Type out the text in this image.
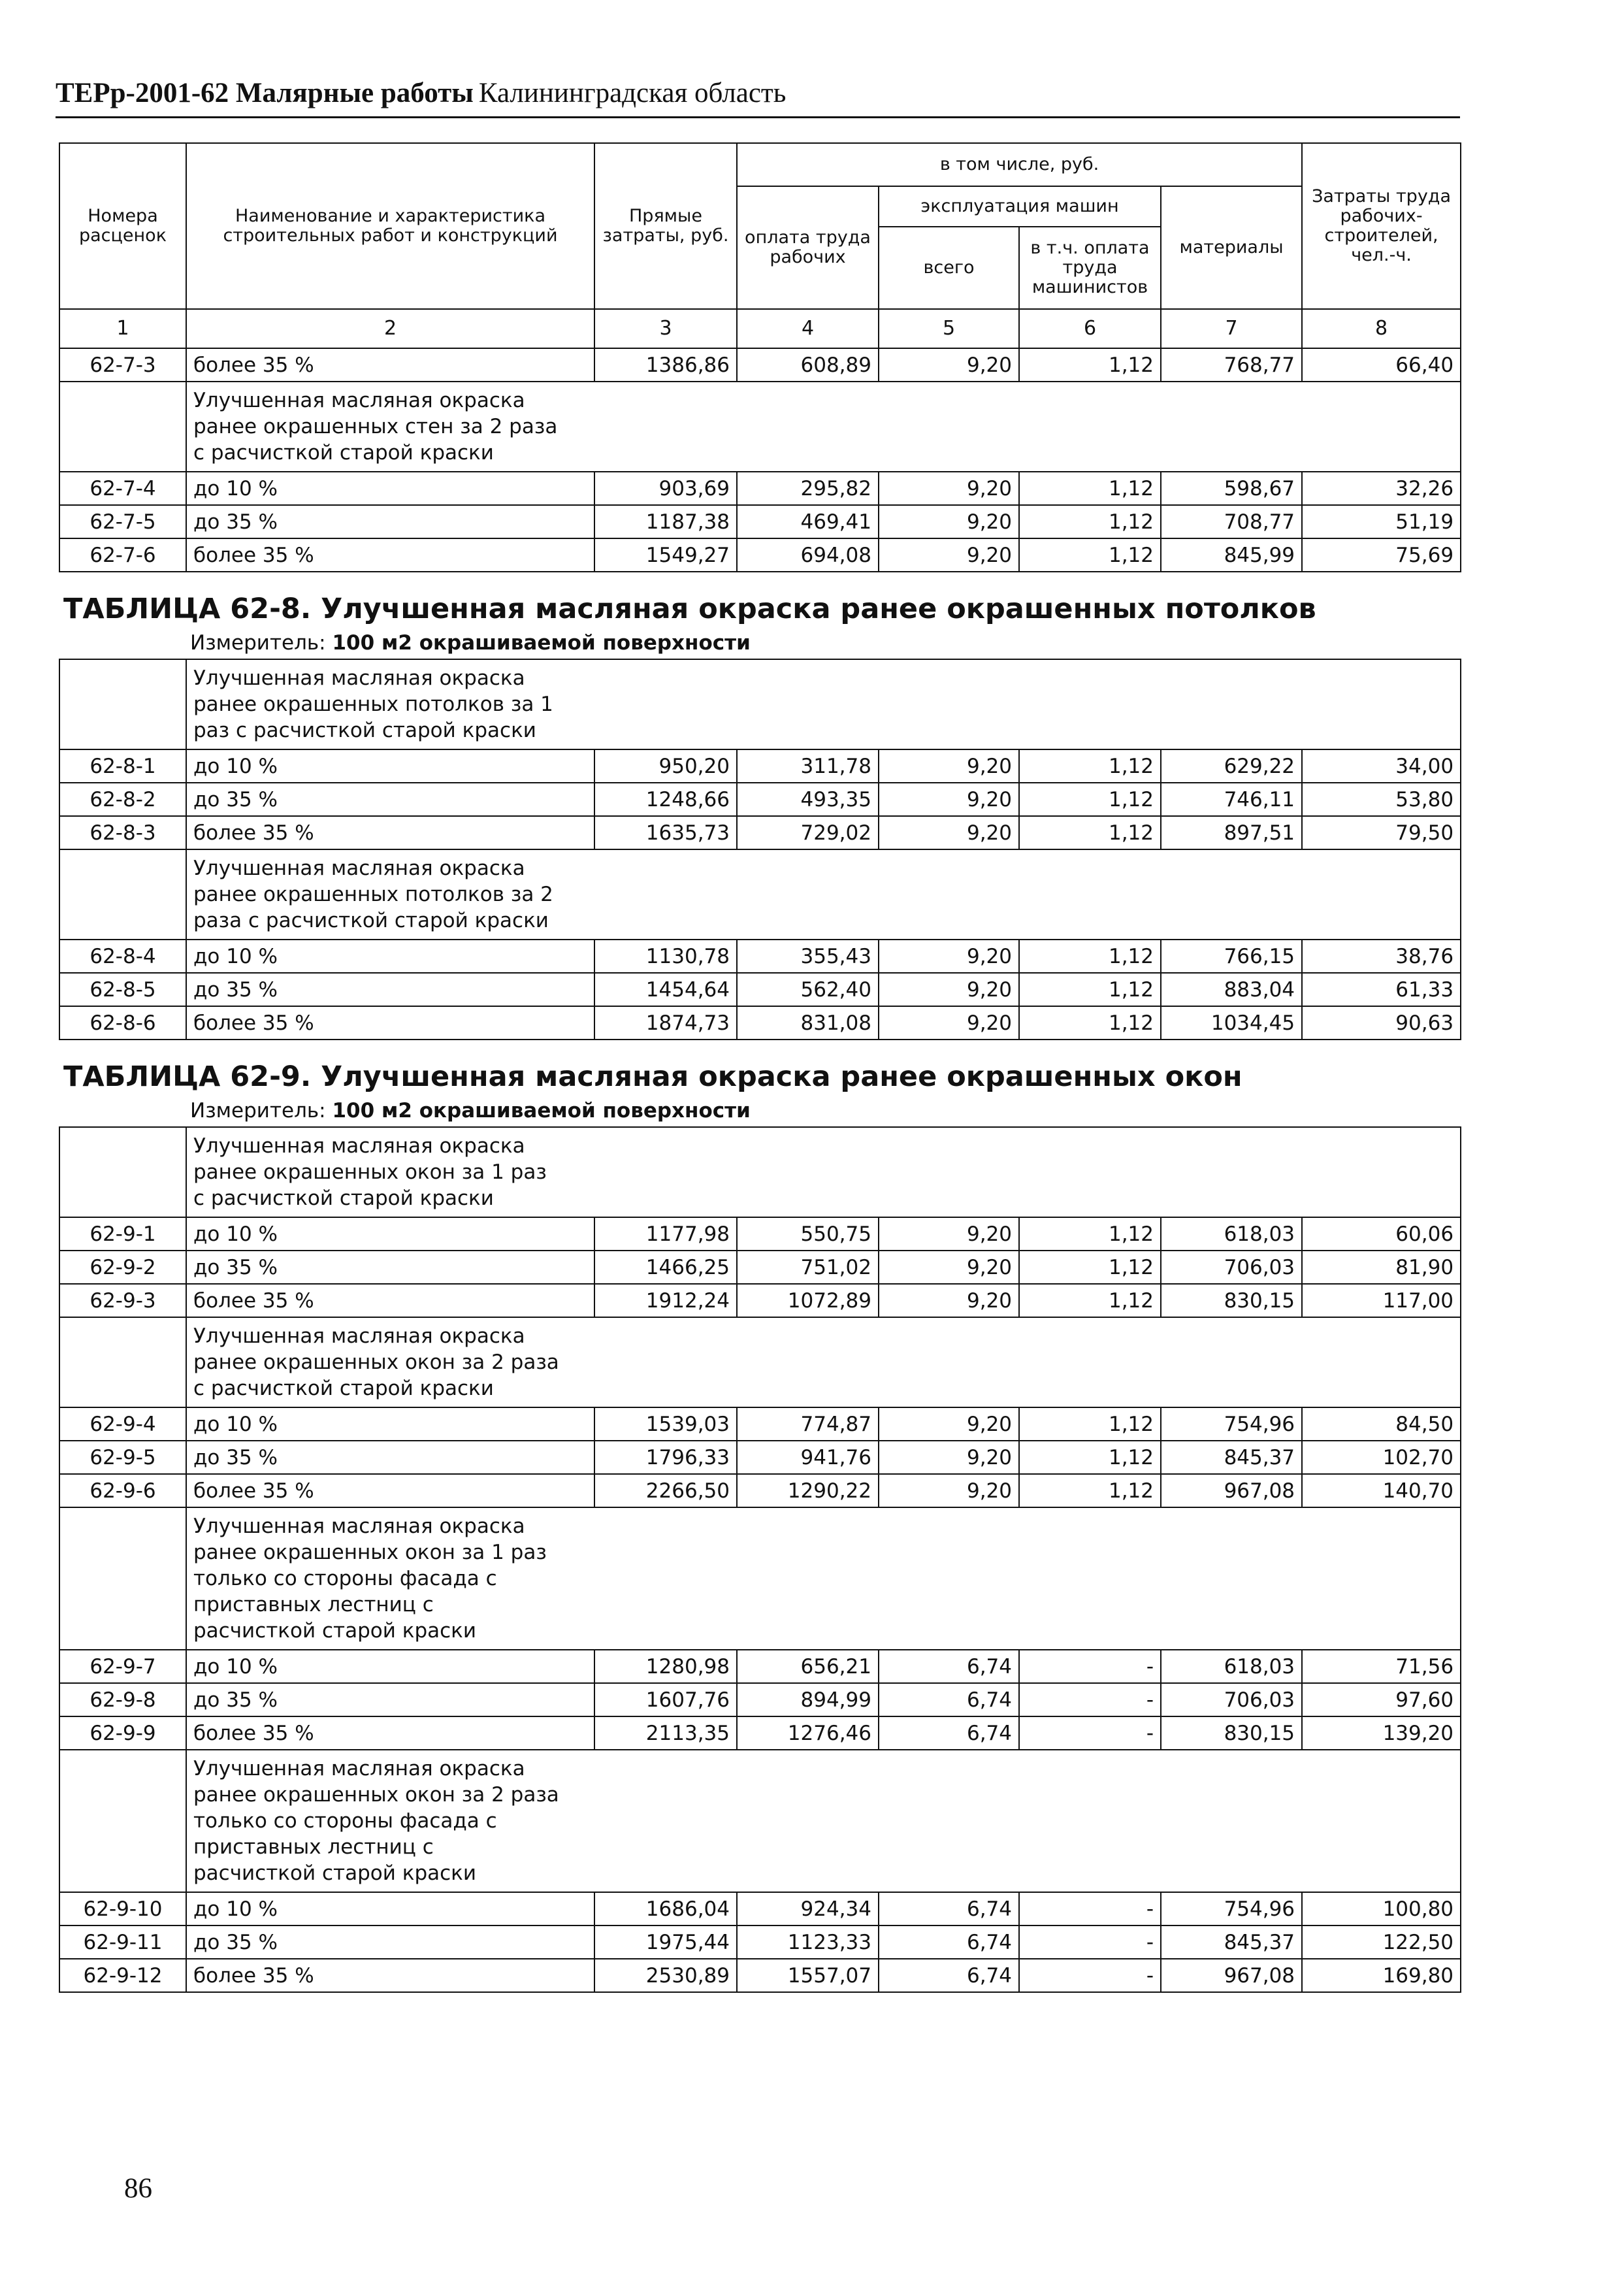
ТЕРр-2001-62 Малярные работы Калининградская область
Номера расценок	Наименование и характеристика строительных работ и конструкций	Прямые затраты, руб.	в том числе, руб.				Затраты труда рабочих-строителей, чел.-ч.
			оплата труда рабочих	эксплуатация машин		материалы	
				всего	в т.ч. оплата труда машинистов		
1	2	3	4	5	6	7	8
62-7-3	более 35 %	1386,86	608,89	9,20	1,12	768,77	66,40

	Улучшенная масляная окраска ранее окрашенных стен за 2 раза с расчисткой старой краски						

62-7-4	до 10 %	903,69	295,82	9,20	1,12	598,67	32,26
62-7-5	до 35 %	1187,38	469,41	9,20	1,12	708,77	51,19
62-7-6	более 35 %	1549,27	694,08	9,20	1,12	845,99	75,69

ТАБЛИЦА 62-8. Улучшенная масляная окраска ранее окрашенных потолков
Измеритель: 100 м2 окрашиваемой поверхности							

	Улучшенная масляная окраска ранее окрашенных потолков за 1 раз с расчисткой старой краски						

62-8-1	до 10 %	950,20	311,78	9,20	1,12	629,22	34,00
62-8-2	до 35 %	1248,66	493,35	9,20	1,12	746,11	53,80
62-8-3	более 35 %	1635,73	729,02	9,20	1,12	897,51	79,50

	Улучшенная масляная окраска ранее окрашенных потолков за 2 раза с расчисткой старой краски						

62-8-4	до 10 %	1130,78	355,43	9,20	1,12	766,15	38,76
62-8-5	до 35 %	1454,64	562,40	9,20	1,12	883,04	61,33
62-8-6	более 35 %	1874,73	831,08	9,20	1,12	1034,45	90,63

ТАБЛИЦА 62-9. Улучшенная масляная окраска ранее окрашенных окон
Измеритель: 100 м2 окрашиваемой поверхности							

	Улучшенная масляная окраска ранее окрашенных окон за 1 раз с расчисткой старой краски						

62-9-1	до 10 %	1177,98	550,75	9,20	1,12	618,03	60,06
62-9-2	до 35 %	1466,25	751,02	9,20	1,12	706,03	81,90
62-9-3	более 35 %	1912,24	1072,89	9,20	1,12	830,15	117,00

	Улучшенная масляная окраска ранее окрашенных окон за 2 раза с расчисткой старой краски						

62-9-4	до 10 %	1539,03	774,87	9,20	1,12	754,96	84,50
62-9-5	до 35 %	1796,33	941,76	9,20	1,12	845,37	102,70
62-9-6	более 35 %	2266,50	1290,22	9,20	1,12	967,08	140,70

	Улучшенная масляная окраска ранее окрашенных окон за 1 раз только со стороны фасада с приставных лестниц с расчисткой старой краски						

62-9-7	до 10 %	1280,98	656,21	6,74	-	618,03	71,56
62-9-8	до 35 %	1607,76	894,99	6,74	-	706,03	97,60
62-9-9	более 35 %	2113,35	1276,46	6,74	-	830,15	139,20

	Улучшенная масляная окраска ранее окрашенных окон за 2 раза только со стороны фасада с приставных лестниц с расчисткой старой краски						

62-9-10	до 10 %	1686,04	924,34	6,74	-	754,96	100,80
62-9-11	до 35 %	1975,44	1123,33	6,74	-	845,37	122,50
62-9-12	более 35 %	2530,89	1557,07	6,74	-	967,08	169,80
86
